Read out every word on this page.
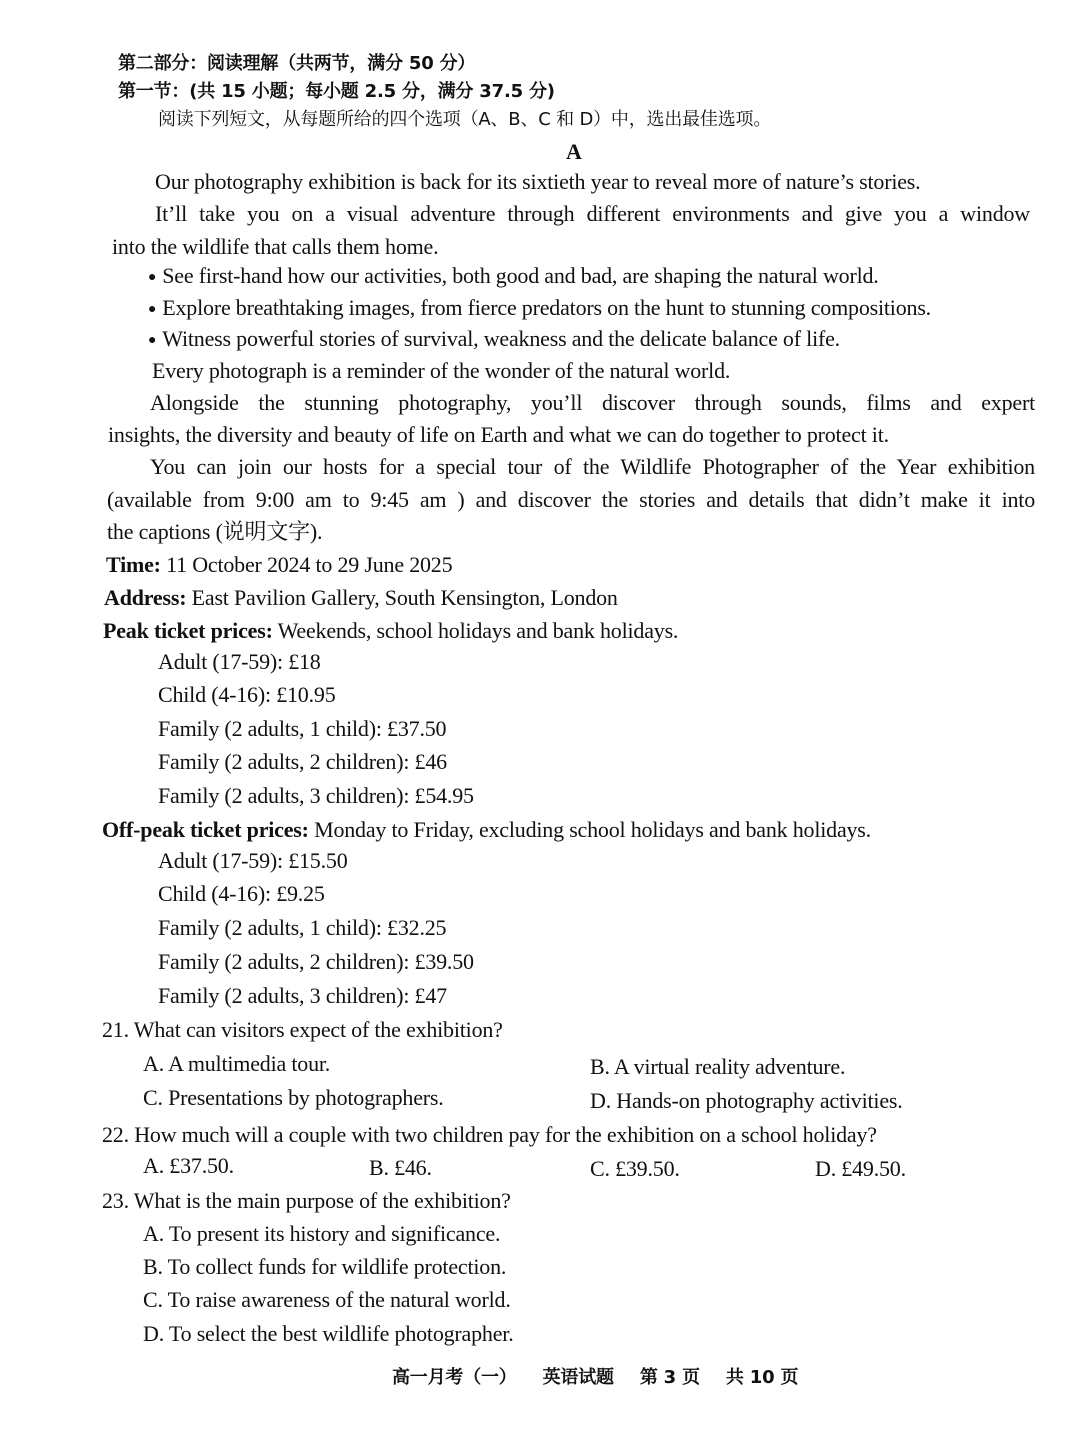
第二部分：阅读理解（共两节，满分 50 分）
第一节：(共 15 小题；每小题 2.5 分，满分 37.5 分)
阅读下列短文，从每题所给的四个选项（A、B、C 和 D）中，选出最佳选项。
A
Our photography exhibition is back for its sixtieth year to reveal more of nature’s stories.
It’ll take you on a visual adventure through different environments and give you a window
into the wildlife that calls them home.
● See first-hand how our activities, both good and bad, are shaping the natural world.
● Explore breathtaking images, from fierce predators on the hunt to stunning compositions.
● Witness powerful stories of survival, weakness and the delicate balance of life.
Every photograph is a reminder of the wonder of the natural world.
Alongside the stunning photography, you’ll discover through sounds, films and expert
insights, the diversity and beauty of life on Earth and what we can do together to protect it.
You can join our hosts for a special tour of the Wildlife Photographer of the Year exhibition
(available from 9:00 am to 9:45 am ) and discover the stories and details that didn’t make it into
the captions (说明文字).
Time: 11 October 2024 to 29 June 2025
Address: East Pavilion Gallery, South Kensington, London
Peak ticket prices: Weekends, school holidays and bank holidays.
Adult (17-59): £18
Child (4-16): £10.95
Family (2 adults, 1 child): £37.50
Family (2 adults, 2 children): £46
Family (2 adults, 3 children): £54.95
Off-peak ticket prices: Monday to Friday, excluding school holidays and bank holidays.
Adult (17-59): £15.50
Child (4-16): £9.25
Family (2 adults, 1 child): £32.25
Family (2 adults, 2 children): £39.50
Family (2 adults, 3 children): £47
21. What can visitors expect of the exhibition?
A. A multimedia tour.	B. A virtual reality adventure.
C. Presentations by photographers.	D. Hands-on photography activities.
22. How much will a couple with two children pay for the exhibition on a school holiday?
A. £37.50.	B. £46.	C. £39.50.	D. £49.50.
23. What is the main purpose of the exhibition?
A. To present its history and significance.
B. To collect funds for wildlife protection.
C. To raise awareness of the natural world.
D. To select the best wildlife photographer.
高一月考（一） 英语试题 第 3 页 共 10 页
